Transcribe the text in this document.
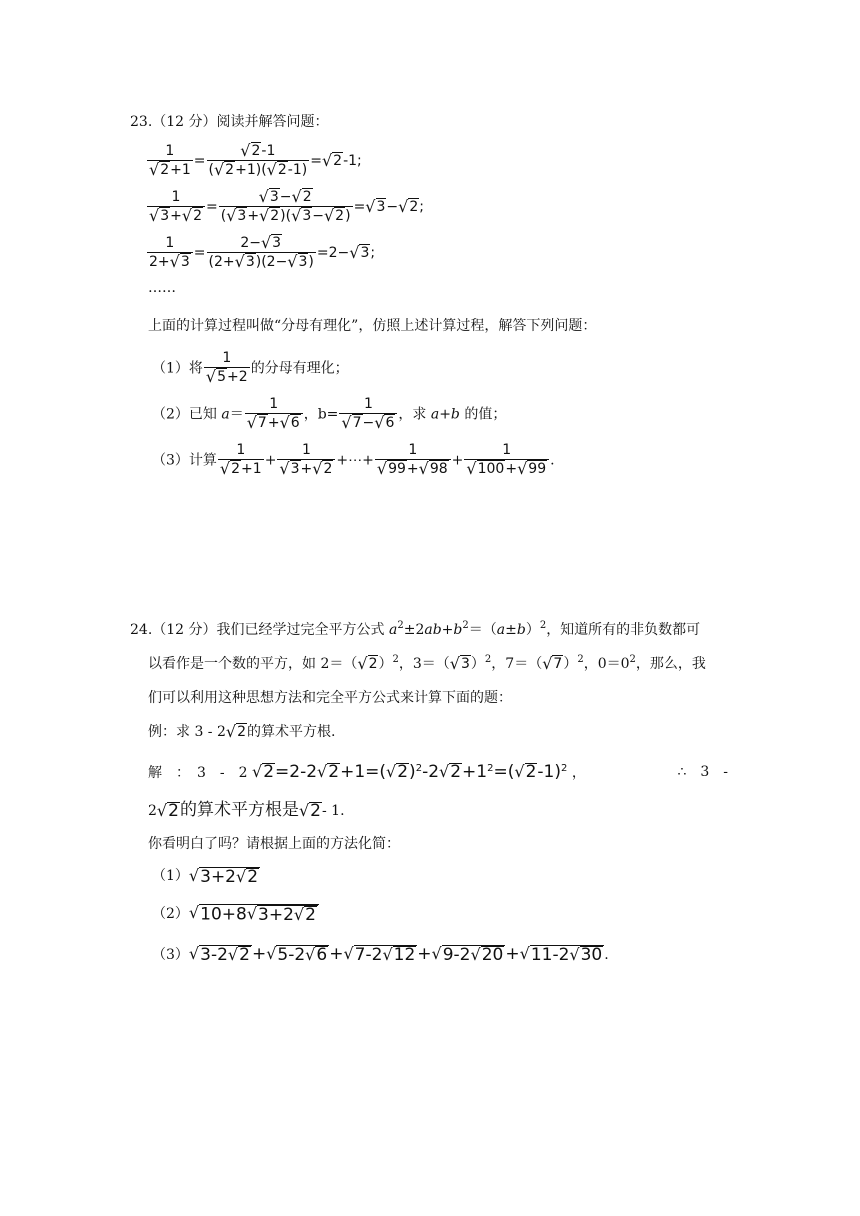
23.（12 分）阅读并解答问题：
$\frac{1}{√ 2 +1} = \frac{√ 2 -1}{( √ 2 +1)( √ 2 -1)}$ = √ 2 -1;
$\frac{1}{√ 3 + √ 2} = \frac{√ 3 - √ 2}{( √ 3 + √ 2 )( √ 3 - √ 2 )}$ = √ 3 − √ 2 ;
$\frac{1}{2+ √ 3} = \frac{2- √ 3}{(2+ √ 3 )(2- √ 3 )} =2-$ √ 3 ;
……
上面的计算过程叫做“分母有理化”，仿照上述计算过程，解答下列问题：
（1）将 $\frac{1}{√ 5 +2}$ 的分母有理化；
（2）已知 $a= \frac{1}{√ 7 + √ 6}$ ，$b= \frac{1}{√ 7 - √ 6}$ ，求 a+b 的值；
（3）计算 $\frac{1}{√ 2 +1} + \frac{1}{√ 3 + √ 2}$ +⋯+ $\frac{1}{√ 99 + √ 98} + \frac{1}{√ 100 + √ 99}$ .
24.（12 分）我们已经学过完全平方公式 $a^2\pm 2ab+b^2=(a\pm b)^2$，知道所有的非负数都可
以看作是一个数的平方，如 2＝（ √ 2 ）$^2$，3＝（ √ 3 ）$^2$，7＝（ √ 7 ）$^2$，$0=0^2$，那么，我
们可以利用这种思想方法和完全平方公式来计算下面的题：
例：求 3 - 2 √ 2 的算术平方根.
解　：　3　-　2 √ 2 =2-2 √ 2 +1=( √ 2 )$^2$-2 √ $2 +1^2=$( √ 2 -1)$^2$ ，	∴　3　-
2 √ 2 的算术平方根是 √ 2 - 1.
你看明白了吗？请根据上面的方法化简：
（1） √ 3+2 √ 2
（2） √ 10+8 √ 3+2 √ 2
（3） √ 3-2 √ 2 + √ 5-2 √ 6 + √ 7-2 √ 12 + √ 9-2 √ 20 + √ 11-2 √ 30 .
